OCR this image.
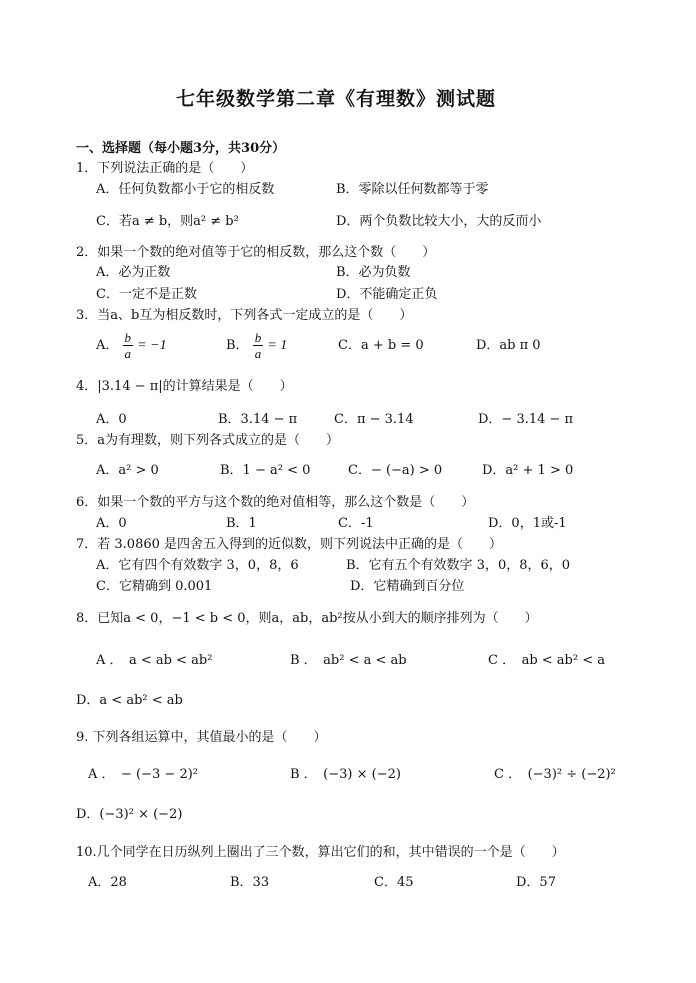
七年级数学第二章《有理数》测试题
一、选择题（每小题3分，共30分）
1．下列说法正确的是（　　）
A．任何负数都小于它的相反数	B．零除以任何数都等于零
C．若a ≠ b，则a² ≠ b²	D．两个负数比较大小，大的反而小
2．如果一个数的绝对值等于它的相反数，那么这个数（　　）
A．必为正数	B．必为负数
C．一定不是正数	D．不能确定正负
3．当a、b互为相反数时，下列各式一定成立的是（　　）
A． $\frac{b}{a} = -1$	B． $\frac{b}{a} = 1$	C．a + b = 0	D．ab π 0
4．|3.14 − π|的计算结果是（　　）
A．0	B．3.14 − π	C．π − 3.14	D．− 3.14 − π
5．a为有理数，则下列各式成立的是（　　）
A．a² > 0	B．1 − a² < 0	C．− (−a) > 0	D．a² + 1 > 0
6．如果一个数的平方与这个数的绝对值相等，那么这个数是（　　）
A．0	B．1	C．-1	D．0，1或-1
7．若 3.0860 是四舍五入得到的近似数，则下列说法中正确的是（　　）
A．它有四个有效数字 3，0，8，6	B．它有五个有效数字 3，0，8，6，0
C．它精确到 0.001	D．它精确到百分位
8．已知a < 0，−1 < b < 0，则a，ab，ab²按从小到大的顺序排列为（　　）
A ．　a < ab < ab²	B ．　ab² < a < ab	C ．　ab < ab² < a
D．a < ab² < ab
9. 下列各组运算中，其值最小的是（　　）
A ．　− (−3 − 2)²	B ．　(−3) × (−2)	C ．　(−3)² ÷ (−2)²
D．(−3)² × (−2)
10.几个同学在日历纵列上圈出了三个数，算出它们的和，其中错误的一个是（　　）
A．28	B．33	C．45	D．57
